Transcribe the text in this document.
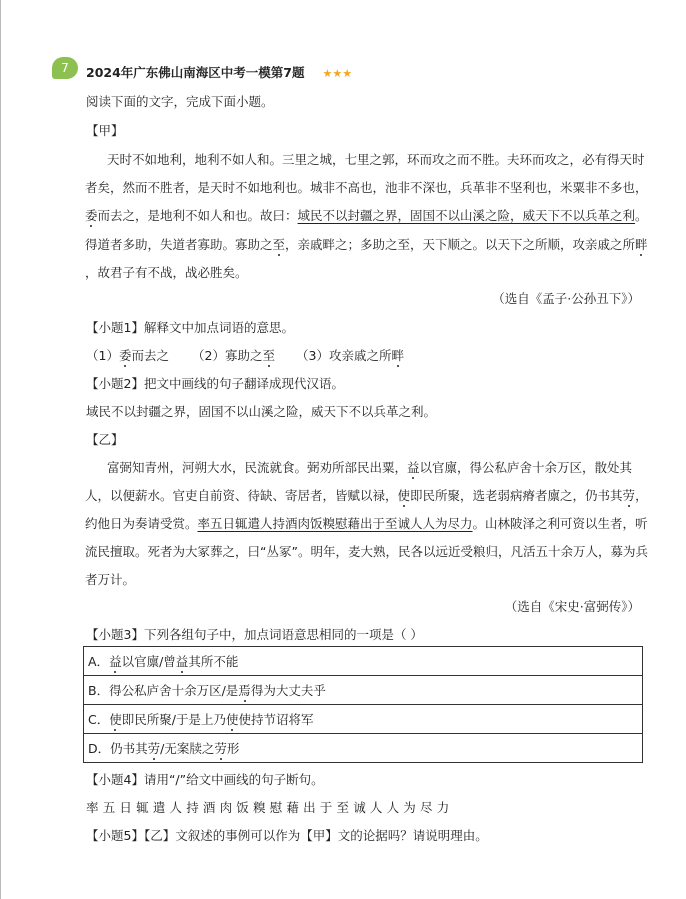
7	2024年广东佛山南海区中考一模第7题 ★★★
阅读下面的文字，完成下面小题。
【甲】
天时不如地利，地利不如人和。三里之城，七里之郭，环而攻之而不胜。夫环而攻之，必有得天时
者矣，然而不胜者，是天时不如地利也。城非不高也，池非不深也，兵革非不坚利也，米粟非不多也，
委而去之，是地利不如人和也。故曰：域民不以封疆之界，固国不以山溪之险，威天下不以兵革之利。
得道者多助，失道者寡助。寡助之至，亲戚畔之；多助之至，天下顺之。以天下之所顺，攻亲戚之所畔
，故君子有不战，战必胜矣。
（选自《孟子·公孙丑下》）
【小题1】解释文中加点词语的意思。
（1）委而去之 （2）寡助之至 （3）攻亲戚之所畔
【小题2】把文中画线的句子翻译成现代汉语。
域民不以封疆之界，固国不以山溪之险，威天下不以兵革之利。
【乙】
富弼知青州，河朔大水，民流就食。弼劝所部民出粟，益以官廪，得公私庐舍十余万区，散处其
人，以便薪水。官吏自前资、待缺、寄居者，皆赋以禄，使即民所聚，选老弱病瘠者廪之，仍书其劳，
约他日为奏请受赏。率五日辄遣人持酒肉饭糗慰藉出于至诚人人为尽力。山林陂泽之利可资以生者，听
流民擅取。死者为大冢葬之，曰“丛冢”。明年，麦大熟，民各以远近受粮归，凡活五十余万人，募为兵
者万计。
（选自《宋史·富弼传》）
【小题3】下列各组句子中，加点词语意思相同的一项是（ ）
A．益以官廪/曾益其所不能
B．得公私庐舍十余万区/是焉得为大丈夫乎
C．使即民所聚/于是上乃使使持节诏将军
D．仍书其劳/无案牍之劳形
【小题4】请用“/”给文中画线的句子断句。
率五日辄遣人持酒肉饭糗慰藉出于至诚人人为尽力
【小题5】【乙】文叙述的事例可以作为【甲】文的论据吗？请说明理由。
